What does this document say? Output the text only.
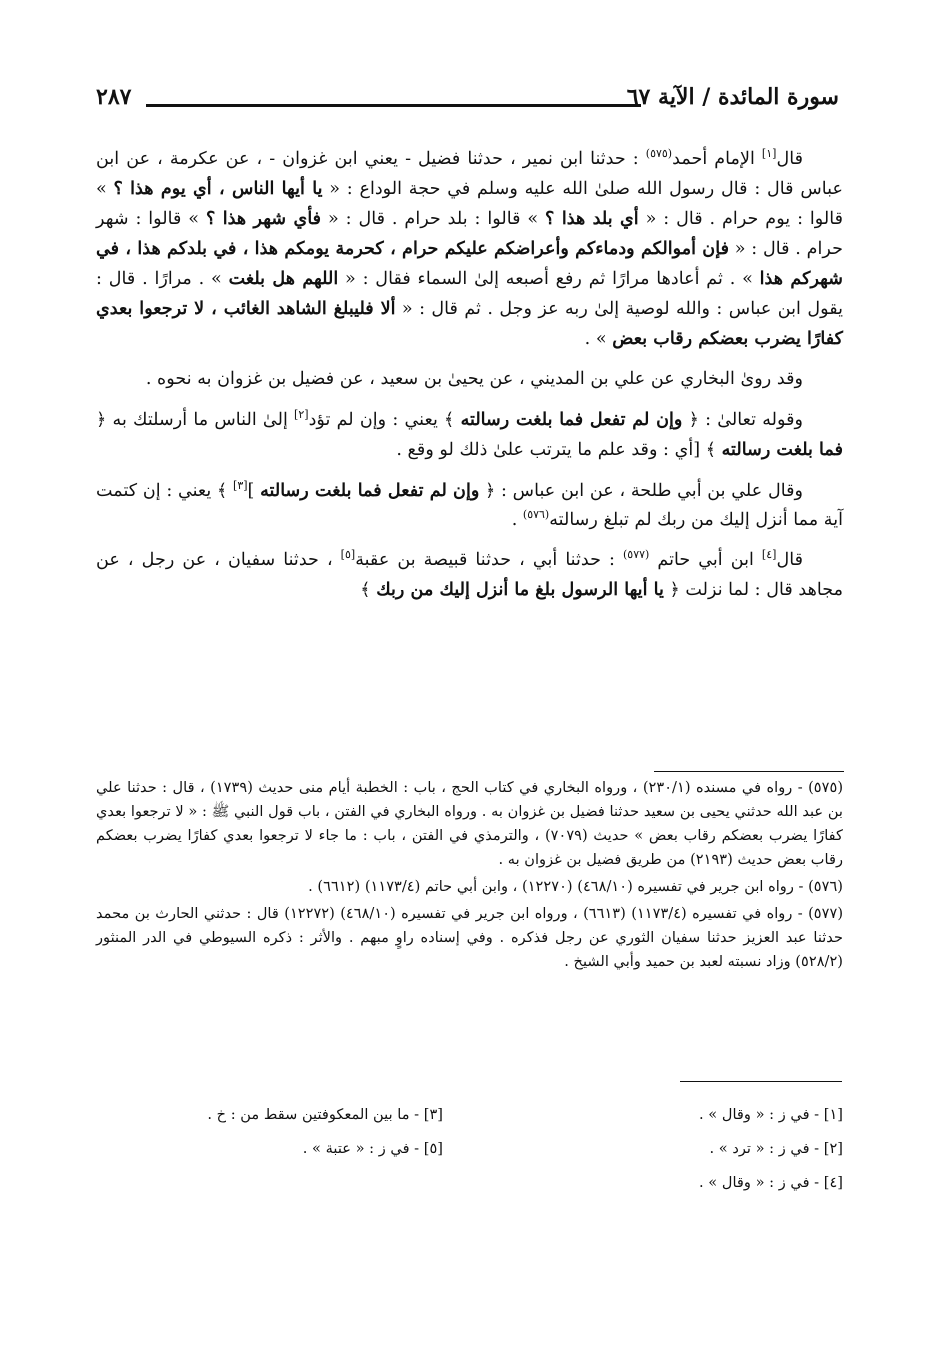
سورة المائدة / الآية ٦٧
٢٨٧

قال[١] الإمام أحمد$^{(٥٧٥)}$ : حدثنا ابن نمير ، حدثنا فضيل - يعني ابن غزوان - ، عن عكرمة ، عن ابن عباس قال : قال رسول الله صلىٰ الله عليه وسلم في حجة الوداع : « يا أيها الناس ، أي يوم هذا ؟ » قالوا : يوم حرام . قال : « أي بلد هذا ؟ » قالوا : بلد حرام . قال : « فأي شهر هذا ؟ » قالوا : شهر حرام . قال : « فإن أموالكم ودماءكم وأعراضكم عليكم حرام ، كحرمة يومكم هذا ، في بلدكم هذا ، في شهركم هذا » . ثم أعادها مرارًا ثم رفع أصبعه إلىٰ السماء فقال : « اللهم هل بلغت » . مرارًا . قال : يقول ابن عباس : والله لوصية إلىٰ ربه عز وجل . ثم قال : « ألا فليبلغ الشاهد الغائب ، لا ترجعوا بعدي كفارًا يضرب بعضكم رقاب بعض » .

وقد رویٰ البخاري عن علي بن المديني ، عن يحيىٰ بن سعيد ، عن فضيل بن غزوان به نحوه .

وقوله تعالىٰ : ﴿ وإن لم تفعل فما بلغت رسالته ﴾ يعني : وإن لم تؤد[٢] إلىٰ الناس ما أرسلتك به ﴿ فما بلغت رسالته ﴾ [أي : وقد علم ما يترتب علىٰ ذلك لو وقع .

وقال علي بن أبي طلحة ، عن ابن عباس : ﴿ وإن لم تفعل فما بلغت رسالته ][٣] ﴾ يعني : إن كتمت آية مما أنزل إليك من ربك لم تبلغ رسالته$^{(٥٧٦)}$ .

قال[٤] ابن أبي حاتم $^{(٥٧٧)}$ : حدثنا أبي ، حدثنا قبيصة بن عقبة[٥] ، حدثنا سفيان ، عن رجل ، عن مجاهد قال : لما نزلت ﴿ يا أيها الرسول بلغ ما أنزل إليك من ربك ﴾

(٥٧٥) - رواه في مسنده (٢٣٠/١) ، ورواه البخاري في كتاب الحج ، باب : الخطبة أيام منى حديث (١٧٣٩) ، قال : حدثنا علي بن عبد الله حدثني يحيى بن سعيد حدثنا فضيل بن غزوان به . ورواه البخاري في الفتن ، باب قول النبي ﷺ : « لا ترجعوا بعدي كفارًا يضرب بعضكم رقاب بعض » حديث (٧٠٧٩) ، والترمذي في الفتن ، باب : ما جاء لا ترجعوا بعدي كفارًا يضرب بعضكم رقاب بعض حديث (٢١٩٣) من طريق فضيل بن غزوان به .

(٥٧٦) - رواه ابن جرير في تفسيره (٤٦٨/١٠) (١٢٢٧٠) ، وابن أبي حاتم (١١٧٣/٤) (٦٦١٢) .

(٥٧٧) - رواه في تفسيره (١١٧٣/٤) (٦٦١٣) ، ورواه ابن جرير في تفسيره (٤٦٨/١٠) (١٢٢٧٢) قال : حدثني الحارث بن محمد حدثنا عبد العزيز حدثنا سفيان الثوري عن رجل فذكره . وفي إسناده راوٍ مبهم . والأثر : ذكره السيوطي في الدر المنثور (٥٢٨/٢) وزاد نسبته لعبد بن حميد وأبي الشيخ .

[١] - في ز : « وقال » .
[٢] - في ز : « ترد » .
[٤] - في ز : « وقال » .
[٣] - ما بين المعكوفتين سقط من : خ .
[٥] - في ز : « عتبة » .
